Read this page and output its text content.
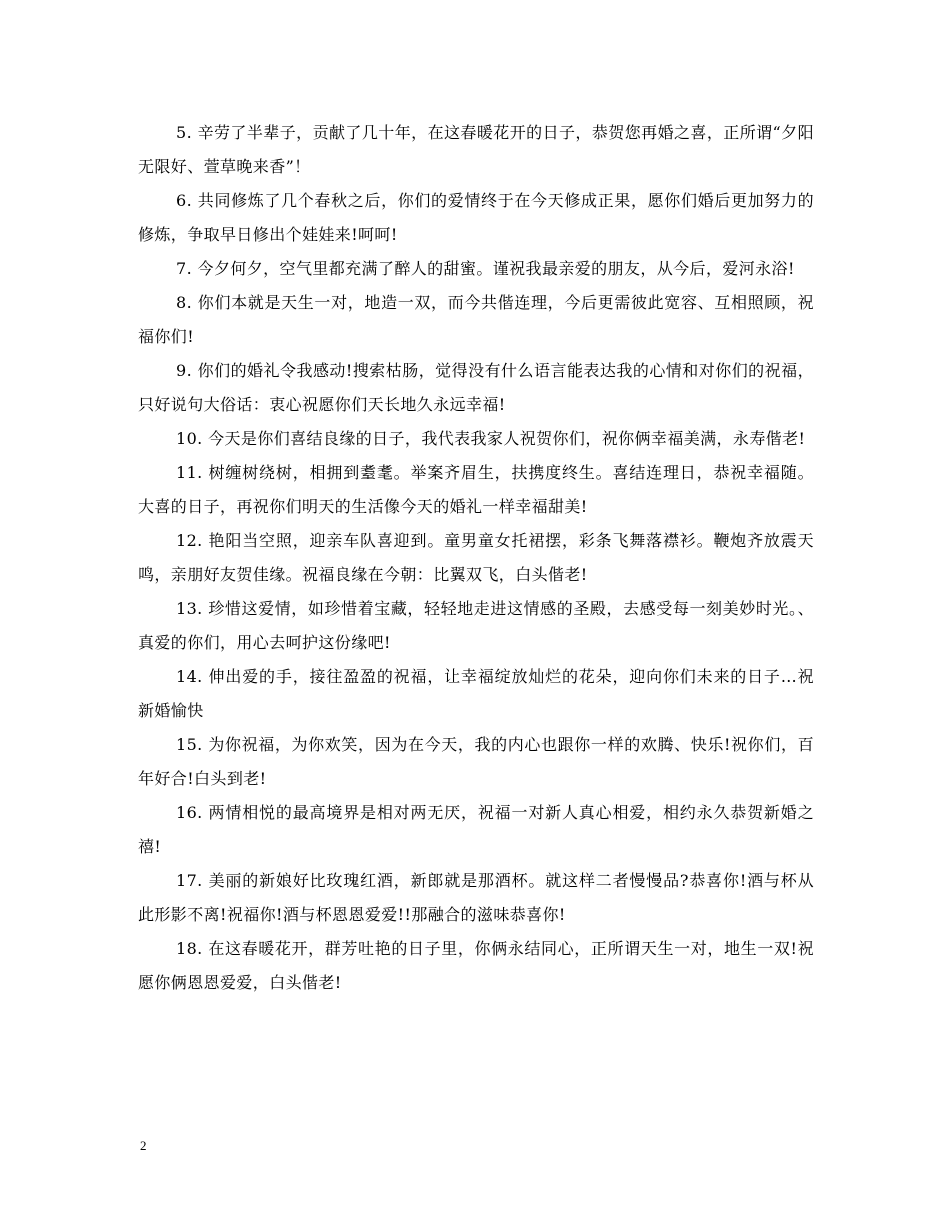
5. 辛劳了半辈子，贡献了几十年，在这春暖花开的日子，恭贺您再婚之喜，正所谓“夕阳无限好、萱草晚来香”！

6. 共同修炼了几个春秋之后，你们的爱情终于在今天修成正果，愿你们婚后更加努力的修炼，争取早日修出个娃娃来!呵呵!

7. 今夕何夕，空气里都充满了醉人的甜蜜。谨祝我最亲爱的朋友，从今后，爱河永浴!

8. 你们本就是天生一对，地造一双，而今共偕连理，今后更需彼此宽容、互相照顾，祝福你们!

9. 你们的婚礼令我感动!搜索枯肠，觉得没有什么语言能表达我的心情和对你们的祝福，只好说句大俗话：衷心祝愿你们天长地久永远幸福!

10. 今天是你们喜结良缘的日子，我代表我家人祝贺你们，祝你俩幸福美满，永寿偕老!

11. 树缠树绕树，相拥到耋耄。举案齐眉生，扶携度终生。喜结连理日，恭祝幸福随。大喜的日子，再祝你们明天的生活像今天的婚礼一样幸福甜美!

12. 艳阳当空照，迎亲车队喜迎到。童男童女托裙摆，彩条飞舞落襟衫。鞭炮齐放震天鸣，亲朋好友贺佳缘。祝福良缘在今朝：比翼双飞，白头偕老!

13. 珍惜这爱情，如珍惜着宝藏，轻轻地走进这情感的圣殿，去感受每一刻美妙时光。、真爱的你们，用心去呵护这份缘吧!

14. 伸出爱的手，接往盈盈的祝福，让幸福绽放灿烂的花朵，迎向你们未来的日子…祝新婚愉快

15. 为你祝福，为你欢笑，因为在今天，我的内心也跟你一样的欢腾、快乐!祝你们，百年好合!白头到老!

16. 两情相悦的最高境界是相对两无厌，祝福一对新人真心相爱，相约永久恭贺新婚之禧!

17. 美丽的新娘好比玫瑰红酒，新郎就是那酒杯。就这样二者慢慢品?恭喜你!酒与杯从此形影不离!祝福你!酒与杯恩恩爱爱!!那融合的滋味恭喜你!

18. 在这春暖花开，群芳吐艳的日子里，你俩永结同心，正所谓天生一对，地生一双!祝愿你俩恩恩爱爱，白头偕老!

2
